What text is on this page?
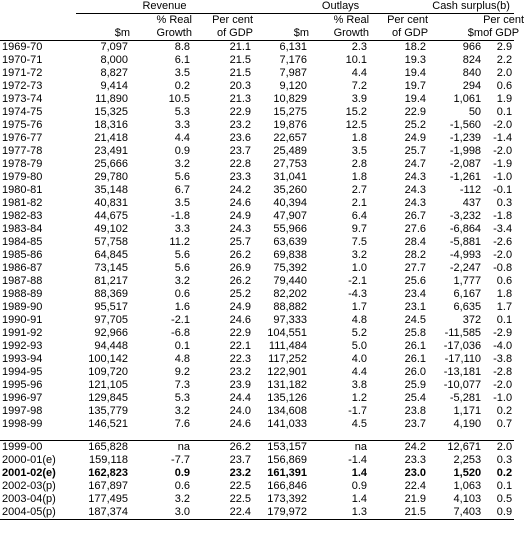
	Revenue			Outlays			Cash surplus(b)	
		% Real	Per cent		% Real	Per cent		Per cent
	$m	Growth	of GDP	$m	Growth	of GDP	$m	of GDP
1969-70	7,097	8.8	21.1	6,131	2.3	18.2	966	2.9
1970-71	8,000	6.1	21.5	7,176	10.1	19.3	824	2.2
1971-72	8,827	3.5	21.5	7,987	4.4	19.4	840	2.0
1972-73	9,414	0.2	20.3	9,120	7.2	19.7	294	0.6
1973-74	11,890	10.5	21.3	10,829	3.9	19.4	1,061	1.9
1974-75	15,325	5.3	22.9	15,275	15.2	22.9	50	0.1
1975-76	18,316	3.3	23.2	19,876	12.5	25.2	-1,560	-2.0
1976-77	21,418	4.4	23.6	22,657	1.8	24.9	-1,239	-1.4
1977-78	23,491	0.9	23.7	25,489	3.5	25.7	-1,998	-2.0
1978-79	25,666	3.2	22.8	27,753	2.8	24.7	-2,087	-1.9
1979-80	29,780	5.6	23.3	31,041	1.8	24.3	-1,261	-1.0
1980-81	35,148	6.7	24.2	35,260	2.7	24.3	-112	-0.1
1981-82	40,831	3.5	24.6	40,394	2.1	24.3	437	0.3
1982-83	44,675	-1.8	24.9	47,907	6.4	26.7	-3,232	-1.8
1983-84	49,102	3.3	24.3	55,966	9.7	27.6	-6,864	-3.4
1984-85	57,758	11.2	25.7	63,639	7.5	28.4	-5,881	-2.6
1985-86	64,845	5.6	26.2	69,838	3.2	28.2	-4,993	-2.0
1986-87	73,145	5.6	26.9	75,392	1.0	27.7	-2,247	-0.8
1987-88	81,217	3.2	26.2	79,440	-2.1	25.6	1,777	0.6
1988-89	88,369	0.6	25.2	82,202	-4.3	23.4	6,167	1.8
1989-90	95,517	1.6	24.9	88,882	1.7	23.1	6,635	1.7
1990-91	97,705	-2.1	24.6	97,333	4.8	24.5	372	0.1
1991-92	92,966	-6.8	22.9	104,551	5.2	25.8	-11,585	-2.9
1992-93	94,448	0.1	22.1	111,484	5.0	26.1	-17,036	-4.0
1993-94	100,142	4.8	22.3	117,252	4.0	26.1	-17,110	-3.8
1994-95	109,720	9.2	23.2	122,901	4.4	26.0	-13,181	-2.8
1995-96	121,105	7.3	23.9	131,182	3.8	25.9	-10,077	-2.0
1996-97	129,845	5.3	24.4	135,126	1.2	25.4	-5,281	-1.0
1997-98	135,779	3.2	24.0	134,608	-1.7	23.8	1,171	0.2
1998-99	146,521	7.6	24.6	141,033	4.5	23.7	4,190	0.7

1999-00	165,828	na	26.2	153,157	na	24.2	12,671	2.0
2000-01(e)	159,118	-7.7	23.7	156,869	-1.4	23.3	2,253	0.3
2001-02(e)	162,823	0.9	23.2	161,391	1.4	23.0	1,520	0.2
2002-03(p)	167,897	0.6	22.5	166,846	0.9	22.4	1,063	0.1
2003-04(p)	177,495	3.2	22.5	173,392	1.4	21.9	4,103	0.5
2004-05(p)	187,374	3.0	22.4	179,972	1.3	21.5	7,403	0.9
